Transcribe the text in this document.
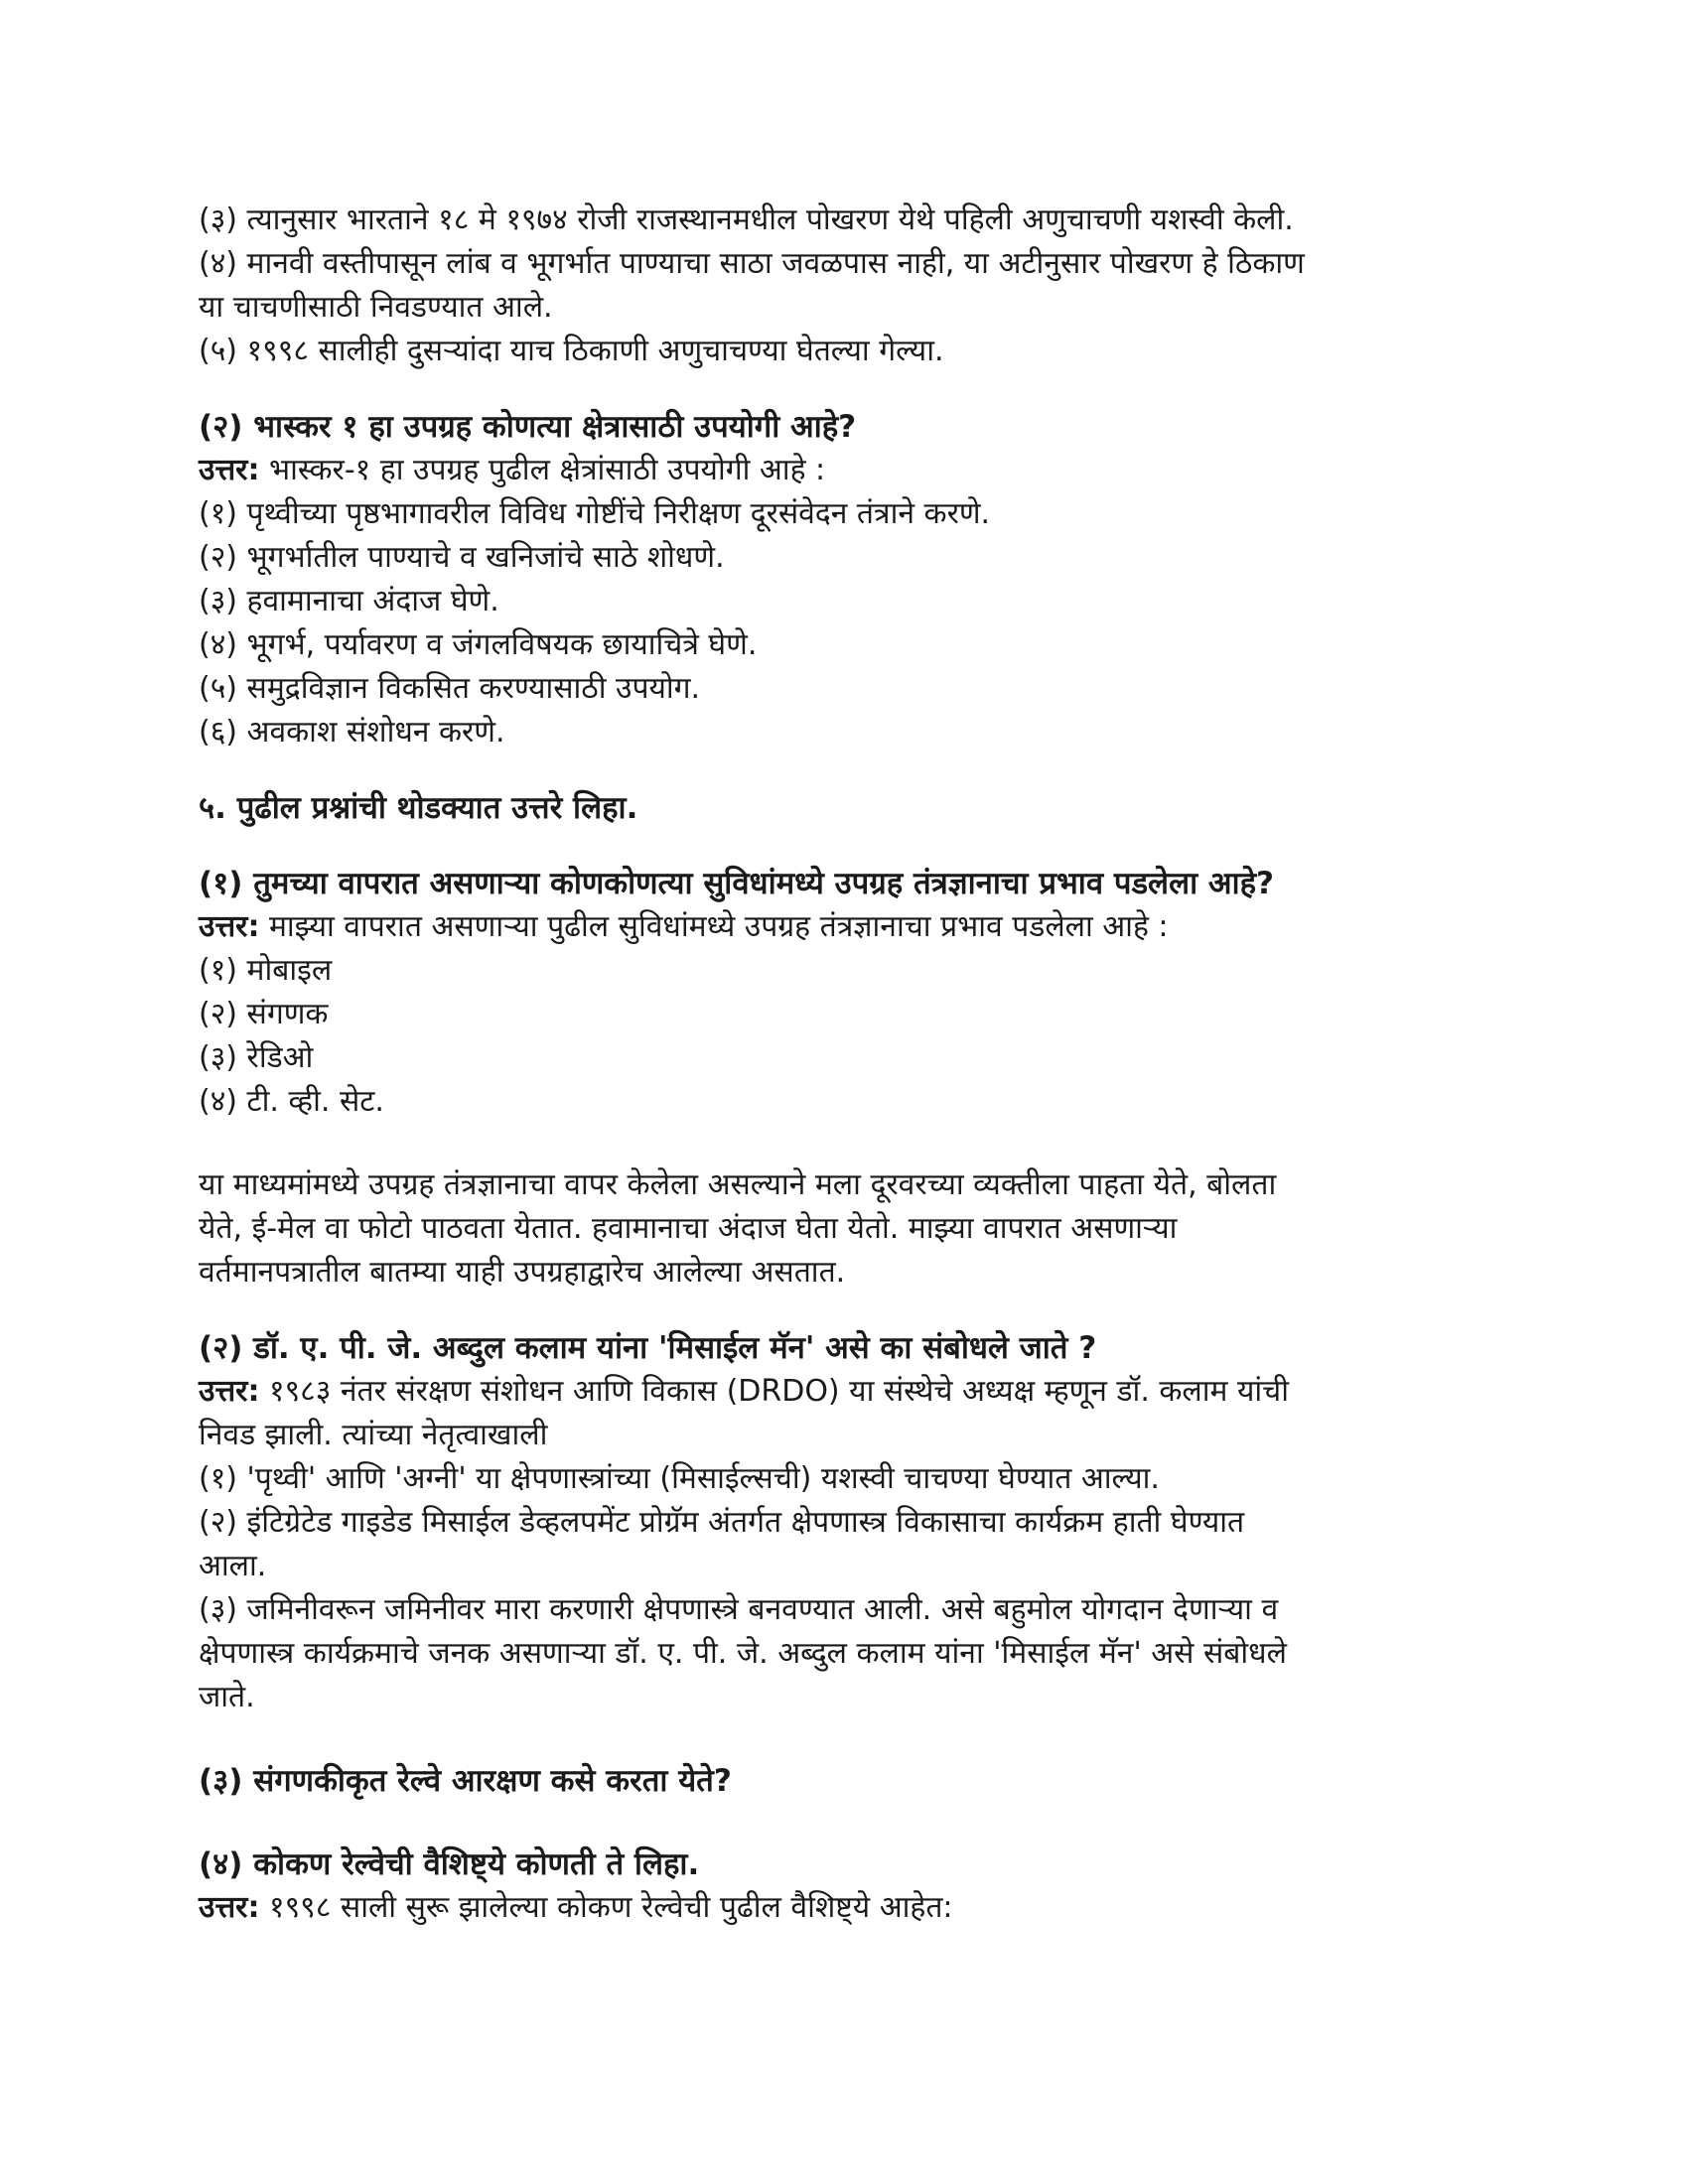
(३) त्यानुसार भारताने १८ मे १९७४ रोजी राजस्थानमधील पोखरण येथे पहिली अणुचाचणी यशस्वी केली.

(४) मानवी वस्तीपासून लांब व भूगर्भात पाण्याचा साठा जवळपास नाही, या अटीनुसार पोखरण हे ठिकाण

या चाचणीसाठी निवडण्यात आले.

(५) १९९८ सालीही दुसऱ्यांदा याच ठिकाणी अणुचाचण्या घेतल्या गेल्या.

(२) भास्कर १ हा उपग्रह कोणत्या क्षेत्रासाठी उपयोगी आहे?

उत्तर: भास्कर-१ हा उपग्रह पुढील क्षेत्रांसाठी उपयोगी आहे :

(१) पृथ्वीच्या पृष्ठभागावरील विविध गोष्टींचे निरीक्षण दूरसंवेदन तंत्राने करणे.

(२) भूगर्भातील पाण्याचे व खनिजांचे साठे शोधणे.

(३) हवामानाचा अंदाज घेणे.

(४) भूगर्भ, पर्यावरण व जंगलविषयक छायाचित्रे घेणे.

(५) समुद्रविज्ञान विकसित करण्यासाठी उपयोग.

(६) अवकाश संशोधन करणे.

५. पुढील प्रश्नांची थोडक्यात उत्तरे लिहा.

(१) तुमच्या वापरात असणाऱ्या कोणकोणत्या सुविधांमध्ये उपग्रह तंत्रज्ञानाचा प्रभाव पडलेला आहे?

उत्तर: माझ्या वापरात असणाऱ्या पुढील सुविधांमध्ये उपग्रह तंत्रज्ञानाचा प्रभाव पडलेला आहे :

(१) मोबाइल

(२) संगणक

(३) रेडिओ

(४) टी. व्ही. सेट.

या माध्यमांमध्ये उपग्रह तंत्रज्ञानाचा वापर केलेला असल्याने मला दूरवरच्या व्यक्तीला पाहता येते, बोलता

येते, ई-मेल वा फोटो पाठवता येतात. हवामानाचा अंदाज घेता येतो. माझ्या वापरात असणाऱ्या

वर्तमानपत्रातील बातम्या याही उपग्रहाद्वारेच आलेल्या असतात.

(२) डॉ. ए. पी. जे. अब्दुल कलाम यांना 'मिसाईल मॅन' असे का संबोधले जाते ?

उत्तर: १९८३ नंतर संरक्षण संशोधन आणि विकास (DRDO) या संस्थेचे अध्यक्ष म्हणून डॉ. कलाम यांची

निवड झाली. त्यांच्या नेतृत्वाखाली

(१) 'पृथ्वी' आणि 'अग्नी' या क्षेपणास्त्रांच्या (मिसाईल्सची) यशस्वी चाचण्या घेण्यात आल्या.

(२) इंटिग्रेटेड गाइडेड मिसाईल डेव्हलपमेंट प्रोग्रॅम अंतर्गत क्षेपणास्त्र विकासाचा कार्यक्रम हाती घेण्यात

आला.

(३) जमिनीवरून जमिनीवर मारा करणारी क्षेपणास्त्रे बनवण्यात आली. असे बहुमोल योगदान देणाऱ्या व

क्षेपणास्त्र कार्यक्रमाचे जनक असणाऱ्या डॉ. ए. पी. जे. अब्दुल कलाम यांना 'मिसाईल मॅन' असे संबोधले

जाते.

(३) संगणकीकृत रेल्वे आरक्षण कसे करता येते?

(४) कोकण रेल्वेची वैशिष्ट्ये कोणती ते लिहा.

उत्तर: १९९८ साली सुरू झालेल्या कोकण रेल्वेची पुढील वैशिष्ट्ये आहेत:
